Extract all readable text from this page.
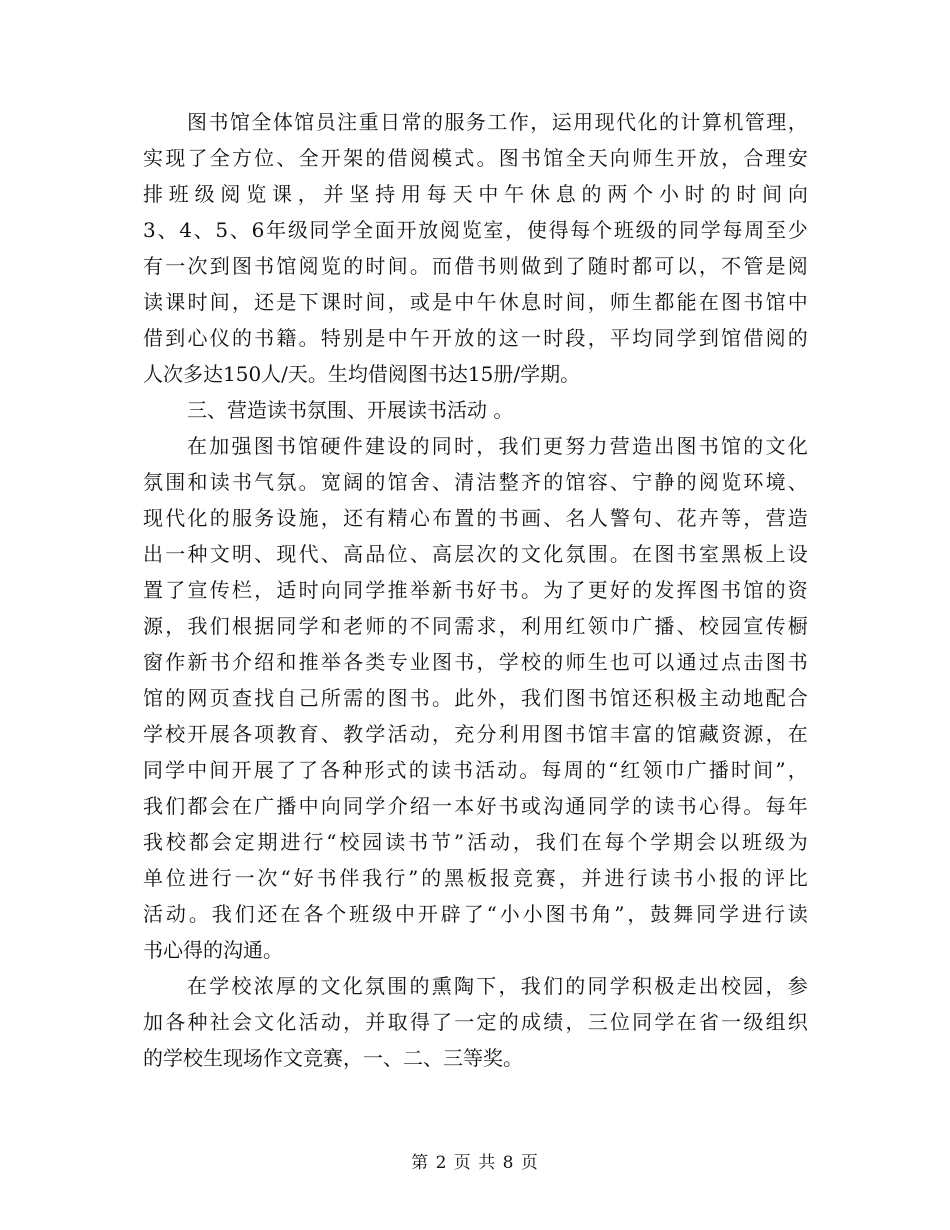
图 书 馆 全 体 馆 员 注 重 日 常 的 服 务 工 作 ， 运 用 现 代 化 的 计 算 机 管 理 ，
实 现 了 全 方 位 、 全 开 架 的 借 阅 模 式 。 图 书 馆 全 天 向 师 生 开 放 ， 合 理 安
排 班 级 阅 览 课 ， 并 坚 持 用 每 天 中 午 休 息 的 两 个 小 时 的 时 间 向
3 、 4 、 5 、 6 年 级 同 学 全 面 开 放 阅 览 室 ， 使 得 每 个 班 级 的 同 学 每 周 至 少
有 一 次 到 图 书 馆 阅 览 的 时 间 。 而 借 书 则 做 到 了 随 时 都 可 以 ， 不 管 是 阅
读 课 时 间 ， 还 是 下 课 时 间 ， 或 是 中 午 休 息 时 间 ， 师 生 都 能 在 图 书 馆 中
借 到 心 仪 的 书 籍 。 特 别 是 中 午 开 放 的 这 一 时 段 ， 平 均 同 学 到 馆 借 阅 的
人次多达150人/天。生均借阅图书达15册/学期。
三、营造读书氛围、开展读书活动 。
在 加 强 图 书 馆 硬 件 建 设 的 同 时 ， 我 们 更 努 力 营 造 出 图 书 馆 的 文 化
氛 围 和 读 书 气 氛 。 宽 阔 的 馆 舍 、 清 洁 整 齐 的 馆 容 、 宁 静 的 阅 览 环 境 、
现 代 化 的 服 务 设 施 ， 还 有 精 心 布 置 的 书 画 、 名 人 警 句 、 花 卉 等 ， 营 造
出 一 种 文 明 、 现 代 、 高 品 位 、 高 层 次 的 文 化 氛 围 。 在 图 书 室 黑 板 上 设
置 了 宣 传 栏 ， 适 时 向 同 学 推 举 新 书 好 书 。 为 了 更 好 的 发 挥 图 书 馆 的 资
源 ， 我 们 根 据 同 学 和 老 师 的 不 同 需 求 ， 利 用 红 领 巾 广 播 、 校 园 宣 传 橱
窗 作 新 书 介 绍 和 推 举 各 类 专 业 图 书 ， 学 校 的 师 生 也 可 以 通 过 点 击 图 书
馆 的 网 页 查 找 自 己 所 需 的 图 书 。 此 外 ， 我 们 图 书 馆 还 积 极 主 动 地 配 合
学 校 开 展 各 项 教 育 、 教 学 活 动 ， 充 分 利 用 图 书 馆 丰 富 的 馆 藏 资 源 ， 在
同 学 中 间 开 展 了 了 各 种 形 式 的 读 书 活 动 。 每 周 的 “ 红 领 巾 广 播 时 间 ” ，
我 们 都 会 在 广 播 中 向 同 学 介 绍 一 本 好 书 或 沟 通 同 学 的 读 书 心 得 。 每 年
我 校 都 会 定 期 进 行 “ 校 园 读 书 节 ” 活 动 ， 我 们 在 每 个 学 期 会 以 班 级 为
单 位 进 行 一 次 “ 好 书 伴 我 行 ” 的 黑 板 报 竞 赛 ， 并 进 行 读 书 小 报 的 评 比
活 动 。 我 们 还 在 各 个 班 级 中 开 辟 了 “ 小 小 图 书 角 ” ， 鼓 舞 同 学 进 行 读
书心得的沟通。
在 学 校 浓 厚 的 文 化 氛 围 的 熏 陶 下 ， 我 们 的 同 学 积 极 走 出 校 园 ， 参
加 各 种 社 会 文 化 活 动 ， 并 取 得 了 一 定 的 成 绩 ， 三 位 同 学 在 省 一 级 组 织
的学校生现场作文竞赛，一、二、三等奖。
第 2 页 共 8 页
